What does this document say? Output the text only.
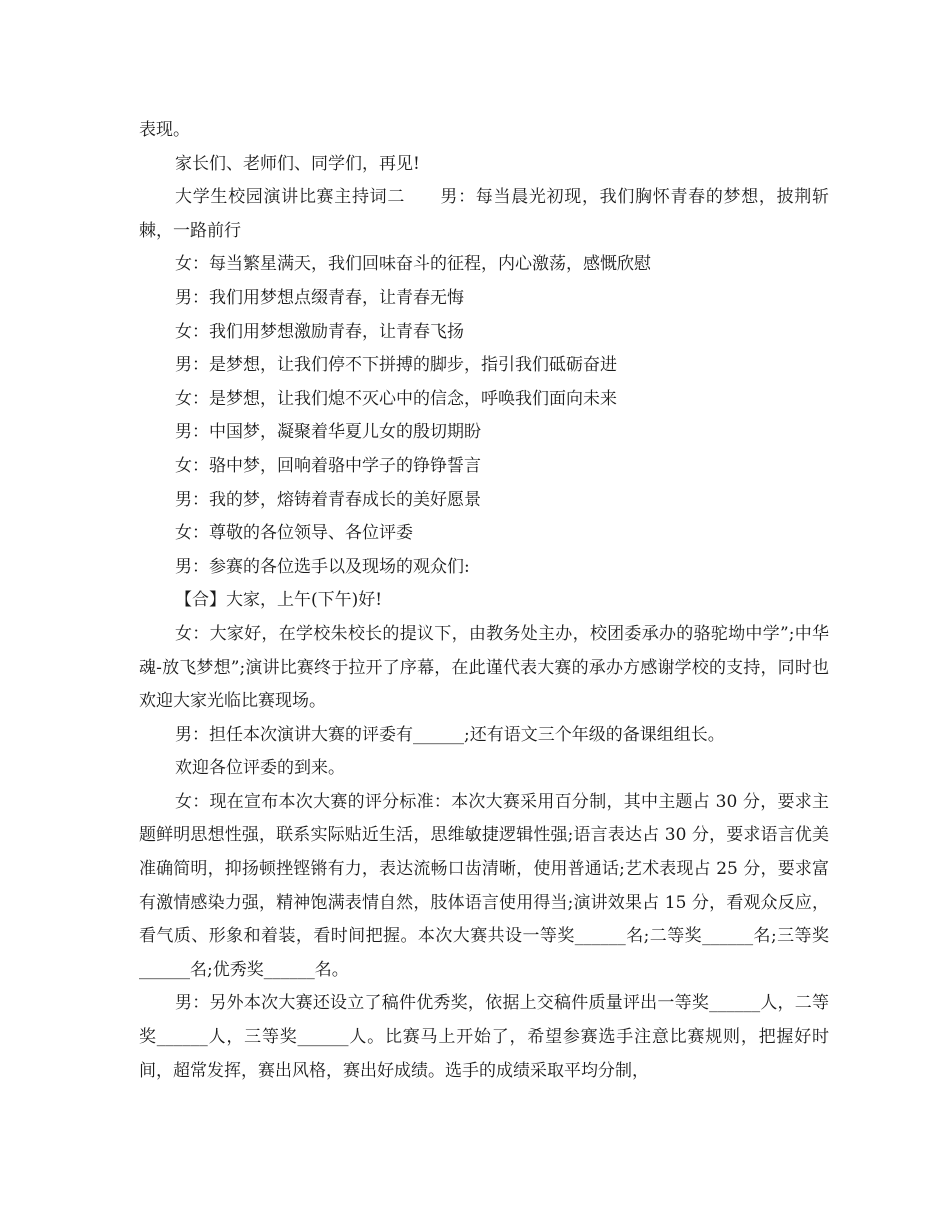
表现。

家长们、老师们、同学们，再见!

大学生校园演讲比赛主持词二　　男：每当晨光初现，我们胸怀青春的梦想，披荆斩棘，一路前行

女：每当繁星满天，我们回味奋斗的征程，内心激荡，感慨欣慰

男：我们用梦想点缀青春，让青春无悔

女：我们用梦想激励青春，让青春飞扬

男：是梦想，让我们停不下拼搏的脚步，指引我们砥砺奋进

女：是梦想，让我们熄不灭心中的信念，呼唤我们面向未来

男：中国梦，凝聚着华夏儿女的殷切期盼

女：骆中梦，回响着骆中学子的铮铮誓言

男：我的梦，熔铸着青春成长的美好愿景

女：尊敬的各位领导、各位评委

男：参赛的各位选手以及现场的观众们:

【合】大家，上午(下午)好!

女：大家好，在学校朱校长的提议下，由教务处主办，校团委承办的骆驼坳中学”;中华魂-放飞梦想”;演讲比赛终于拉开了序幕，在此谨代表大赛的承办方感谢学校的支持，同时也欢迎大家光临比赛现场。

男：担任本次演讲大赛的评委有______;还有语文三个年级的备课组组长。

欢迎各位评委的到来。

女：现在宣布本次大赛的评分标准：本次大赛采用百分制，其中主题占 30 分，要求主题鲜明思想性强，联系实际贴近生活，思维敏捷逻辑性强;语言表达占 30 分，要求语言优美准确简明，抑扬顿挫铿锵有力，表达流畅口齿清晰，使用普通话;艺术表现占 25 分，要求富有激情感染力强，精神饱满表情自然，肢体语言使用得当;演讲效果占 15 分，看观众反应，看气质、形象和着装，看时间把握。本次大赛共设一等奖______名;二等奖______名;三等奖______名;优秀奖______名。

男：另外本次大赛还设立了稿件优秀奖，依据上交稿件质量评出一等奖______人，二等奖______人，三等奖______人。比赛马上开始了，希望参赛选手注意比赛规则，把握好时间，超常发挥，赛出风格，赛出好成绩。选手的成绩采取平均分制，
